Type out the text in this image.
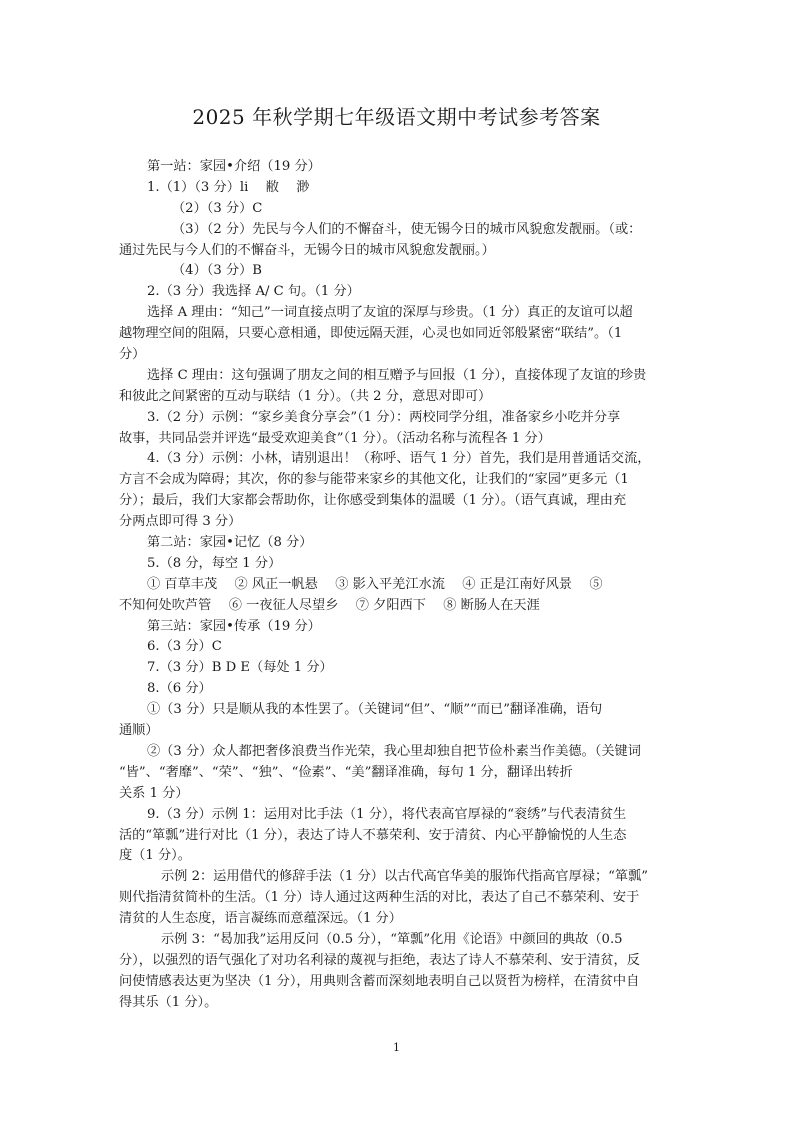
2025 年秋学期七年级语文期中考试参考答案
第一站：家园•介绍（19 分）
1.（1）（3 分）li　 敝　 渺
（2）（3 分）C
（3）（2 分）先民与今人们的不懈奋斗，使无锡今日的城市风貌愈发靓丽。（或：
通过先民与今人们的不懈奋斗，无锡今日的城市风貌愈发靓丽。）
（4）（3 分）B
2.（3 分）我选择 A/ C 句。（1 分）
选择 A 理由：“知己”一词直接点明了友谊的深厚与珍贵。（1 分）真正的友谊可以超
越物理空间的阻隔，只要心意相通，即使远隔天涯，心灵也如同近邻般紧密“联结”。（1
分）
选择 C 理由：这句强调了朋友之间的相互赠予与回报（1 分），直接体现了友谊的珍贵
和彼此之间紧密的互动与联结（1 分）。（共 2 分，意思对即可）
3.（2 分）示例：“家乡美食分享会”（1 分）：两校同学分组，准备家乡小吃并分享
故事，共同品尝并评选“最受欢迎美食”（1 分）。（活动名称与流程各 1 分）
4.（3 分）示例：小林，请别退出！（称呼、语气 1 分）首先，我们是用普通话交流，
方言不会成为障碍；其次，你的参与能带来家乡的其他文化，让我们的“家园”更多元（1
分）；最后，我们大家都会帮助你，让你感受到集体的温暖（1 分）。（语气真诚，理由充
分两点即可得 3 分）
第二站：家园•记忆（8 分）
5.（8 分，每空 1 分）
① 百草丰茂　 ② 风正一帆悬　 ③ 影入平羌江水流　 ④ 正是江南好风景　 ⑤
不知何处吹芦管　 ⑥ 一夜征人尽望乡　 ⑦ 夕阳西下　 ⑧ 断肠人在天涯
第三站：家园•传承（19 分）
6.（3 分）C
7.（3 分）B D E（每处 1 分）
8.（6 分）
①（3 分）只是顺从我的本性罢了。（关键词“但”、“顺”“而已”翻译准确，语句
通顺）
②（3 分）众人都把奢侈浪费当作光荣，我心里却独自把节俭朴素当作美德。（关键词
“皆”、“奢靡”、“荣”、“独”、“俭素”、“美”翻译准确，每句 1 分，翻译出转折
关系 1 分）
9.（3 分）示例 1：运用对比手法（1 分），将代表高官厚禄的“衮绣”与代表清贫生
活的“箪瓢”进行对比（1 分），表达了诗人不慕荣利、安于清贫、内心平静愉悦的人生态
度（1 分）。
示例 2：运用借代的修辞手法（1 分）以古代高官华美的服饰代指高官厚禄；“箪瓢”
则代指清贫简朴的生活。（1 分）诗人通过这两种生活的对比，表达了自己不慕荣利、安于
清贫的人生态度，语言凝练而意蕴深远。（1 分）
示例 3：“曷加我”运用反问（0.5 分），“箪瓢”化用《论语》中颜回的典故（0.5
分），以强烈的语气强化了对功名利禄的蔑视与拒绝，表达了诗人不慕荣利、安于清贫，反
问使情感表达更为坚决（1 分），用典则含蓄而深刻地表明自己以贤哲为榜样，在清贫中自
得其乐（1 分）。
1
